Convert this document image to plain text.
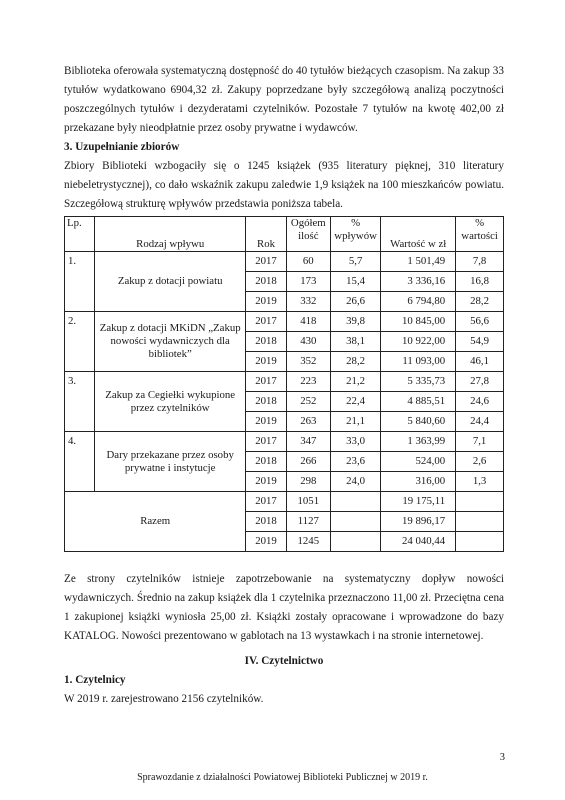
Biblioteka oferowała systematyczną dostępność do 40 tytułów bieżących czasopism. Na zakup 33 tytułów wydatkowano 6904,32 zł. Zakupy poprzedzane były szczegółową analizą poczytności poszczególnych tytułów i dezyderatami czytelników. Pozostałe 7 tytułów na kwotę 402,00 zł przekazane były nieodpłatnie przez osoby prywatne i wydawców.

3. Uzupełnianie zbiorów

Zbiory Biblioteki wzbogaciły się o 1245 książek (935 literatury pięknej, 310 literatury niebeletrystycznej), co dało wskaźnik zakupu zaledwie 1,9 książek na 100 mieszkańców powiatu. Szczegółową strukturę wpływów przedstawia poniższa tabela.

Lp.	Rodzaj wpływu	Rok	Ogółem ilość	% wpływów	Wartość w zł	% wartości
1.	Zakup z dotacji powiatu	2017	60	5,7	1 501,49	7,8
		2018	173	15,4	3 336,16	16,8
		2019	332	26,6	6 794,80	28,2
2.	Zakup z dotacji MKiDN „Zakup nowości wydawniczych dla bibliotek”	2017	418	39,8	10 845,00	56,6
		2018	430	38,1	10 922,00	54,9
		2019	352	28,2	11 093,00	46,1
3.	Zakup za Cegiełki wykupione przez czytelników	2017	223	21,2	5 335,73	27,8
		2018	252	22,4	4 885,51	24,6
		2019	263	21,1	5 840,60	24,4
4.	Dary przekazane przez osoby prywatne i instytucje	2017	347	33,0	1 363,99	7,1
		2018	266	23,6	524,00	2,6
		2019	298	24,0	316,00	1,3
Razem		2017	1051		19 175,11	
		2018	1127		19 896,17	
		2019	1245		24 040,44	

Ze strony czytelników istnieje zapotrzebowanie na systematyczny dopływ nowości wydawniczych. Średnio na zakup książek dla 1 czytelnika przeznaczono 11,00 zł. Przeciętna cena 1 zakupionej książki wyniosła 25,00 zł. Książki zostały opracowane i wprowadzone do bazy KATALOG. Nowości prezentowano w gablotach na 13 wystawkach i na stronie internetowej.

IV. Czytelnictwo

1. Czytelnicy

W 2019 r. zarejestrowano 2156 czytelników.

3
Sprawozdanie z działalności Powiatowej Biblioteki Publicznej w 2019 r.
